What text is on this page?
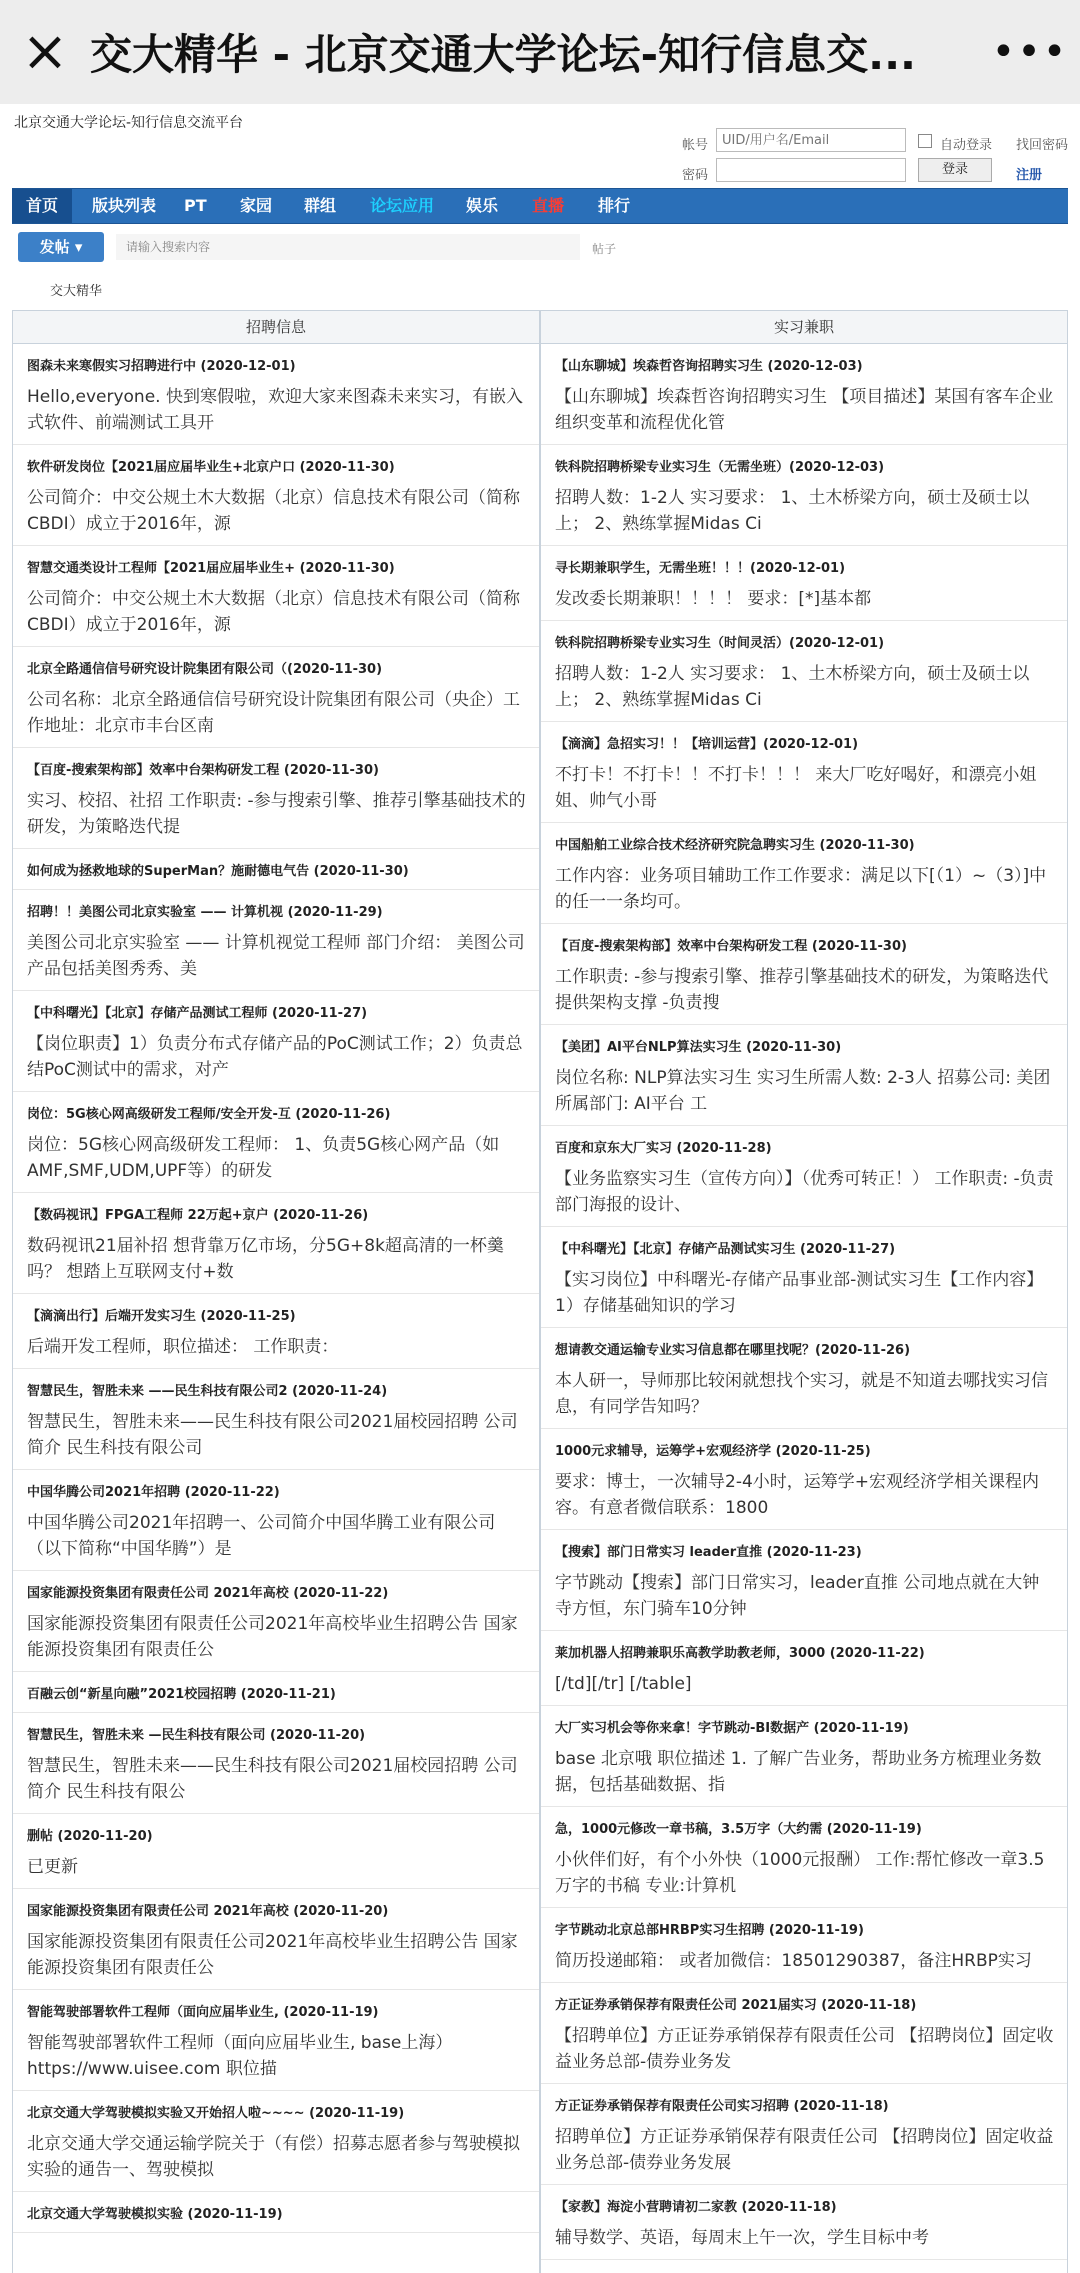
× 交大精华 - 北京交通大学论坛-知行信息交...	•••
北京交通大学论坛-知行信息交流平台
帐号
UID/用户名/Email	自动登录 找回密码
密码	登录	注册
首页	版块列表 PT 家园 群组 论坛应用 娱乐 直播 排行
发帖 ▾	请输入搜索内容	帖子
交大精华
招聘信息
图森未来寒假实习招聘进行中 (2020-12-01)
Hello,everyone. 快到寒假啦，欢迎大家来图森未来实习，有嵌入式软件、前端测试工具开
软件研发岗位【2021届应届毕业生+北京户口 (2020-11-30)
公司简介：中交公规土木大数据（北京）信息技术有限公司（简称CBDI）成立于2016年，源
智慧交通类设计工程师【2021届应届毕业生+ (2020-11-30)
公司简介：中交公规土木大数据（北京）信息技术有限公司（简称CBDI）成立于2016年，源
北京全路通信信号研究设计院集团有限公司（(2020-11-30)
公司名称：北京全路通信信号研究设计院集团有限公司（央企）工作地址：北京市丰台区南
【百度-搜索架构部】效率中台架构研发工程 (2020-11-30)
实习、校招、社招 工作职责: -参与搜索引擎、推荐引擎基础技术的研发，为策略迭代提
如何成为拯救地球的SuperMan？施耐德电气告 (2020-11-30)
招聘！！美图公司北京实验室 —— 计算机视 (2020-11-29)
美图公司北京实验室 —— 计算机视觉工程师 部门介绍： 美图公司产品包括美图秀秀、美
【中科曙光】【北京】存储产品测试工程师 (2020-11-27)
【岗位职责】1）负责分布式存储产品的PoC测试工作；2）负责总结PoC测试中的需求，对产
岗位：5G核心网高级研发工程师/安全开发-互 (2020-11-26)
岗位：5G核心网高级研发工程师： 1、负责5G核心网产品（如AMF,SMF,UDM,UPF等）的研发
【数码视讯】FPGA工程师 22万起+京户 (2020-11-26)
数码视讯21届补招 想背靠万亿市场，分5G+8k超高清的一杯羹吗？ 想踏上互联网支付+数
【滴滴出行】后端开发实习生 (2020-11-25)
后端开发工程师，职位描述： 工作职责：
智慧民生，智胜未来 ——民生科技有限公司2 (2020-11-24)
智慧民生，智胜未来——民生科技有限公司2021届校园招聘 公司简介 民生科技有限公司
中国华腾公司2021年招聘 (2020-11-22)
中国华腾公司2021年招聘一、公司简介中国华腾工业有限公司（以下简称“中国华腾”）是
国家能源投资集团有限责任公司 2021年高校 (2020-11-22)
国家能源投资集团有限责任公司2021年高校毕业生招聘公告 国家能源投资集团有限责任公
百融云创“新星向融”2021校园招聘 (2020-11-21)
智慧民生，智胜未来 —民生科技有限公司 (2020-11-20)
智慧民生，智胜未来——民生科技有限公司2021届校园招聘 公司简介 民生科技有限公
删帖 (2020-11-20)
已更新
国家能源投资集团有限责任公司 2021年高校 (2020-11-20)
国家能源投资集团有限责任公司2021年高校毕业生招聘公告 国家能源投资集团有限责任公
智能驾驶部署软件工程师（面向应届毕业生, (2020-11-19)
智能驾驶部署软件工程师（面向应届毕业生, base上海）https://www.uisee.com 职位描
北京交通大学驾驶模拟实验又开始招人啦~~~~ (2020-11-19)
北京交通大学交通运输学院关于（有偿）招募志愿者参与驾驶模拟实验的通告一、驾驶模拟
北京交通大学驾驶模拟实验 (2020-11-19)
实习兼职
【山东聊城】埃森哲咨询招聘实习生 (2020-12-03)
【山东聊城】埃森哲咨询招聘实习生 【项目描述】某国有客车企业组织变革和流程优化管
铁科院招聘桥梁专业实习生（无需坐班）(2020-12-03)
招聘人数：1-2人 实习要求： 1、土木桥梁方向，硕士及硕士以上； 2、熟练掌握Midas Ci
寻长期兼职学生，无需坐班！！！(2020-12-01)
发改委长期兼职！！！！ 要求：[*]基本都
铁科院招聘桥梁专业实习生（时间灵活）(2020-12-01)
招聘人数：1-2人 实习要求： 1、土木桥梁方向，硕士及硕士以上； 2、熟练掌握Midas Ci
【滴滴】急招实习！！【培训运营】(2020-12-01)
不打卡！不打卡！！不打卡！！！ 来大厂吃好喝好，和漂亮小姐姐、帅气小哥
中国船舶工业综合技术经济研究院急聘实习生 (2020-11-30)
工作内容：业务项目辅助工作工作要求：满足以下[（1）~（3）]中的任一一条均可。
【百度-搜索架构部】效率中台架构研发工程 (2020-11-30)
工作职责: -参与搜索引擎、推荐引擎基础技术的研发，为策略迭代提供架构支撑 -负责搜
【美团】AI平台NLP算法实习生 (2020-11-30)
岗位名称: NLP算法实习生 实习生所需人数: 2-3人 招募公司: 美团所属部门: AI平台 工
百度和京东大厂实习 (2020-11-28)
【业务监察实习生（宣传方向）】（优秀可转正！） 工作职责: -负责部门海报的设计、
【中科曙光】【北京】存储产品测试实习生 (2020-11-27)
【实习岗位】中科曙光-存储产品事业部-测试实习生【工作内容】1）存储基础知识的学习
想请教交通运输专业实习信息都在哪里找呢？(2020-11-26)
本人研一，导师那比较闲就想找个实习，就是不知道去哪找实习信息，有同学告知吗？
1000元求辅导，运筹学+宏观经济学 (2020-11-25)
要求：博士，一次辅导2-4小时，运筹学+宏观经济学相关课程内容。有意者微信联系：1800
【搜索】部门日常实习 leader直推 (2020-11-23)
字节跳动【搜索】部门日常实习，leader直推 公司地点就在大钟寺方恒，东门骑车10分钟
莱加机器人招聘兼职乐高教学助教老师，3000 (2020-11-22)
[/td][/tr] [/table]
大厂实习机会等你来拿！字节跳动-BI数据产 (2020-11-19)
base 北京哦 职位描述 1. 了解广告业务，帮助业务方梳理业务数据，包括基础数据、指
急，1000元修改一章书稿，3.5万字（大约需 (2020-11-19)
小伙伴们好，有个小外快（1000元报酬） 工作:帮忙修改一章3.5万字的书稿 专业:计算机
字节跳动北京总部HRBP实习生招聘 (2020-11-19)
简历投递邮箱： 或者加微信：18501290387，备注HRBP实习
方正证券承销保荐有限责任公司 2021届实习 (2020-11-18)
【招聘单位】方正证券承销保荐有限责任公司 【招聘岗位】固定收益业务总部-债券业务发
方正证券承销保荐有限责任公司实习招聘 (2020-11-18)
招聘单位】方正证券承销保荐有限责任公司 【招聘岗位】固定收益业务总部-债券业务发展
【家教】海淀小营聘请初二家教 (2020-11-18)
辅导数学、英语，每周末上午一次，学生目标中考
